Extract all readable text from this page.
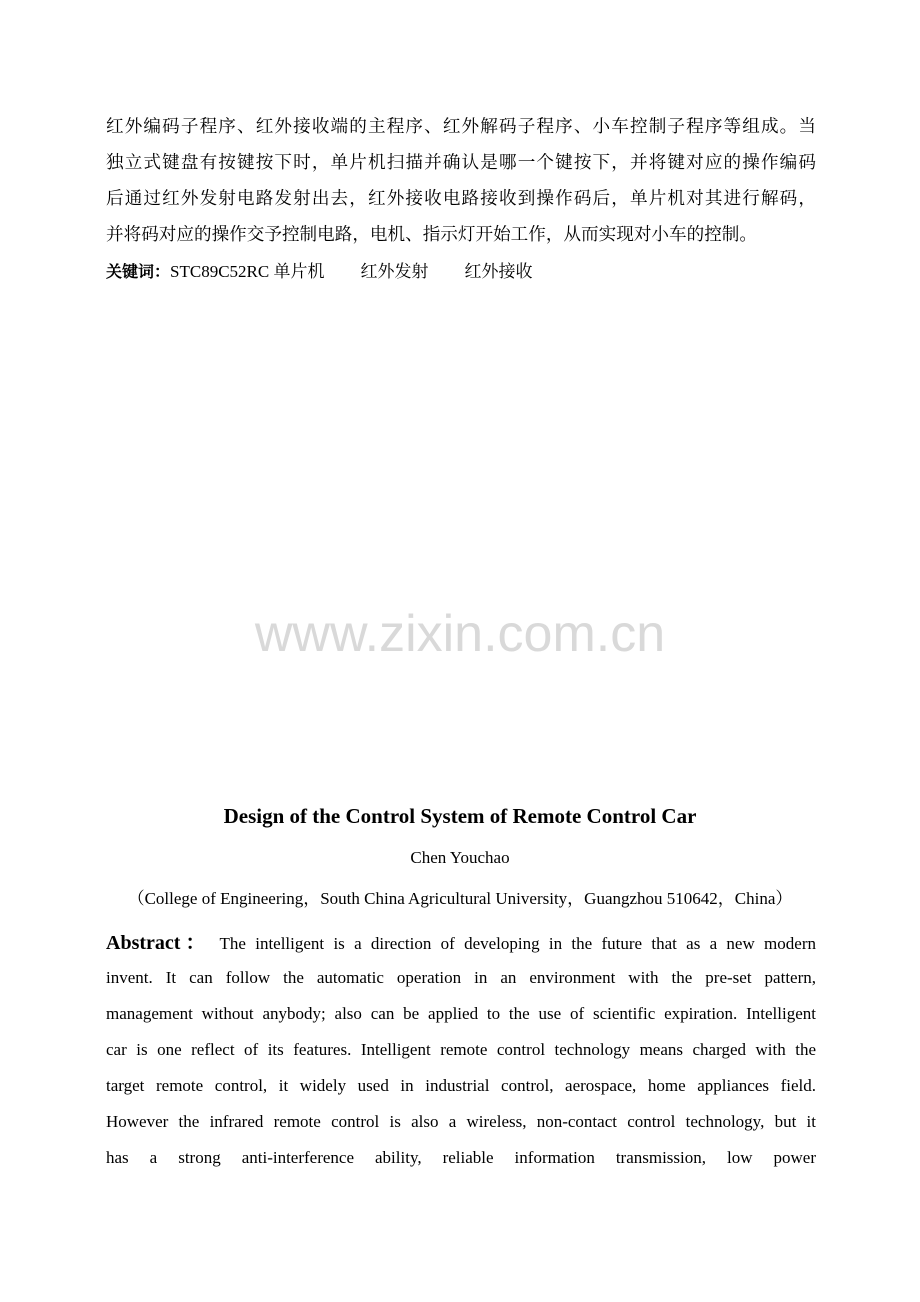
红外编码子程序、红外接收端的主程序、红外解码子程序、小车控制子程序等组成。当
独立式键盘有按键按下时，单片机扫描并确认是哪一个键按下，并将键对应的操作编码
后通过红外发射电路发射出去，红外接收电路接收到操作码后，单片机对其进行解码，
并将码对应的操作交予控制电路，电机、指示灯开始工作，从而实现对小车的控制。
关键词：STC89C52RC 单片机 红外发射 红外接收
www.zixin.com.cn
Design of the Control System of Remote Control Car
Chen Youchao
（College of Engineering，South China Agricultural University，Guangzhou 510642，China）
Abstract： The intelligent is a direction of developing in the future that as a new modern
invent. It can follow the automatic operation in an environment with the pre-set pattern,
management without anybody; also can be applied to the use of scientific expiration. Intelligent
car is one reflect of its features. Intelligent remote control technology means charged with the
target remote control, it widely used in industrial control, aerospace, home appliances field.
However the infrared remote control is also a wireless, non-contact control technology, but it
has a strong anti-interference ability, reliable information transmission, low power
